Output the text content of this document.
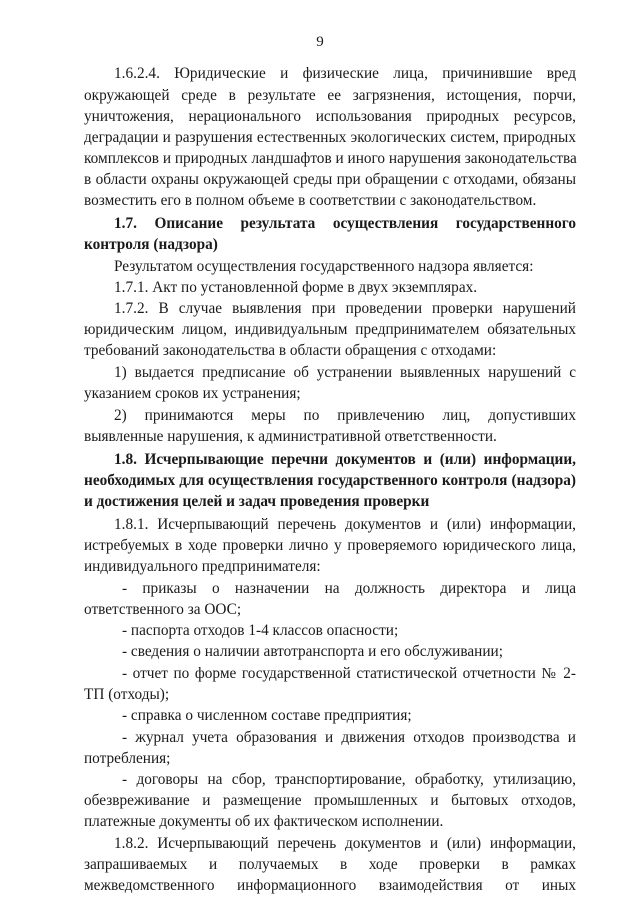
9
1.6.2.4. Юридические и физические лица, причинившие вред
окружающей среде в результате ее загрязнения, истощения, порчи,
уничтожения, нерационального использования природных ресурсов,
деградации и разрушения естественных экологических систем, природных
комплексов и природных ландшафтов и иного нарушения законодательства
в области охраны окружающей среды при обращении с отходами, обязаны
возместить его в полном объеме в соответствии с законодательством.
1.7. Описание результата осуществления государственного
контроля (надзора)
Результатом осуществления государственного надзора является:
1.7.1. Акт по установленной форме в двух экземплярах.
1.7.2. В случае выявления при проведении проверки нарушений
юридическим лицом, индивидуальным предпринимателем обязательных
требований законодательства в области обращения с отходами:
1) выдается предписание об устранении выявленных нарушений с
указанием сроков их устранения;
2) принимаются меры по привлечению лиц, допустивших
выявленные нарушения, к административной ответственности.
1.8. Исчерпывающие перечни документов и (или) информации,
необходимых для осуществления государственного контроля (надзора)
и достижения целей и задач проведения проверки
1.8.1. Исчерпывающий перечень документов и (или) информации,
истребуемых в ходе проверки лично у проверяемого юридического лица,
индивидуального предпринимателя:
- приказы о назначении на должность директора и лица
ответственного за ООС;
- паспорта отходов 1-4 классов опасности;
- сведения о наличии автотранспорта и его обслуживании;
- отчет по форме государственной статистической отчетности № 2-
ТП (отходы);
- справка о численном составе предприятия;
- журнал учета образования и движения отходов производства и
потребления;
- договоры на сбор, транспортирование, обработку, утилизацию,
обезвреживание и размещение промышленных и бытовых отходов,
платежные документы об их фактическом исполнении.
1.8.2. Исчерпывающий перечень документов и (или) информации,
запрашиваемых и получаемых в ходе проверки в рамках
межведомственного информационного взаимодействия от иных
